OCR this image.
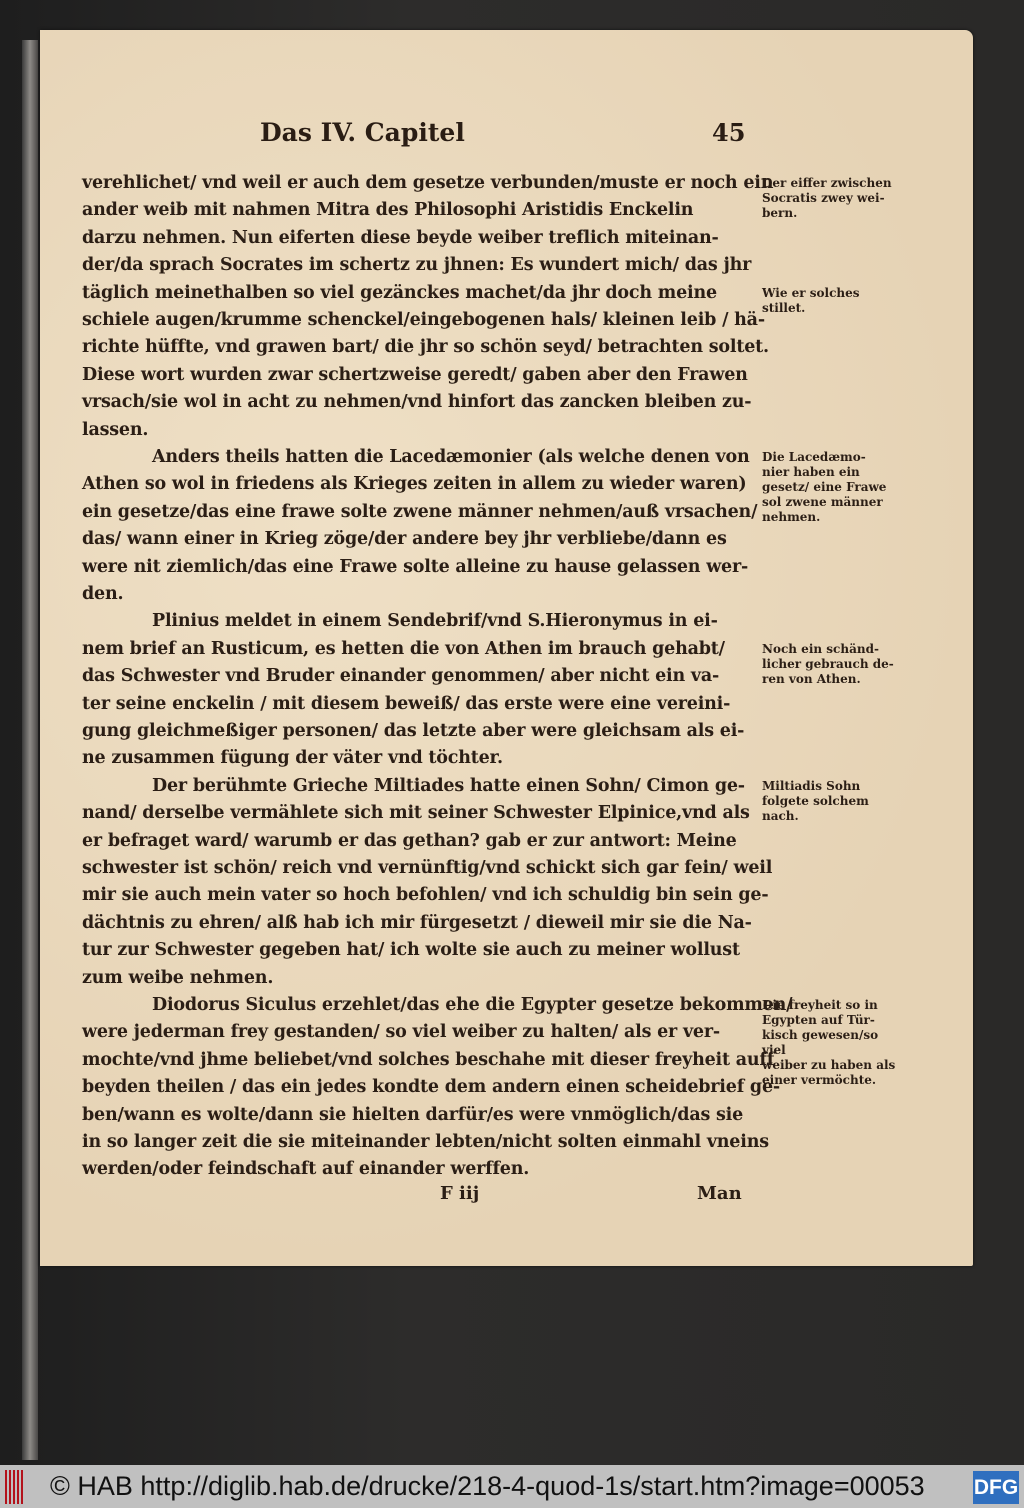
Das IV. Capitel	45
verehlichet/ vnd weil er auch dem gesetze verbunden/muste er noch ein
ander weib mit nahmen Mitra des Philosophi Aristidis Enckelin
darzu nehmen. Nun eiferten diese beyde weiber treflich miteinan-
der/da sprach Socrates im schertz zu jhnen: Es wundert mich/ das jhr
täglich meinethalben so viel gezänckes machet/da jhr doch meine
schiele augen/krumme schenckel/eingebogenen hals/ kleinen leib / hä-
richte hüffte, vnd grawen bart/ die jhr so schön seyd/ betrachten soltet.
Diese wort wurden zwar schertzweise geredt/ gaben aber den Frawen
vrsach/sie wol in acht zu nehmen/vnd hinfort das zancken bleiben zu-
lassen.
Anders theils hatten die Lacedæmonier (als welche denen von
Athen so wol in friedens als Krieges zeiten in allem zu wieder waren)
ein gesetze/das eine frawe solte zwene männer nehmen/auß vrsachen/
das/ wann einer in Krieg zöge/der andere bey jhr verbliebe/dann es
were nit ziemlich/das eine Frawe solte alleine zu hause gelassen wer-
den.
Plinius meldet in einem Sendebrif/vnd S.Hieronymus in ei-
nem brief an Rusticum, es hetten die von Athen im brauch gehabt/
das Schwester vnd Bruder einander genommen/ aber nicht ein va-
ter seine enckelin / mit diesem beweiß/ das erste were eine vereini-
gung gleichmeßiger personen/ das letzte aber were gleichsam als ei-
ne zusammen fügung der väter vnd töchter.
Der berühmte Grieche Miltiades hatte einen Sohn/ Cimon ge-
nand/ derselbe vermählete sich mit seiner Schwester Elpinice,vnd als
er befraget ward/ warumb er das gethan? gab er zur antwort: Meine
schwester ist schön/ reich vnd vernünftig/vnd schickt sich gar fein/ weil
mir sie auch mein vater so hoch befohlen/ vnd ich schuldig bin sein ge-
dächtnis zu ehren/ alß hab ich mir fürgesetzt / dieweil mir sie die Na-
tur zur Schwester gegeben hat/ ich wolte sie auch zu meiner wollust
zum weibe nehmen.
Diodorus Siculus erzehlet/das ehe die Egypter gesetze bekommen/
were jederman frey gestanden/ so viel weiber zu halten/ als er ver-
mochte/vnd jhme beliebet/vnd solches beschahe mit dieser freyheit auff
beyden theilen / das ein jedes kondte dem andern einen scheidebrief ge-
ben/wann es wolte/dann sie hielten darfür/es were vnmöglich/das sie
in so langer zeit die sie miteinander lebten/nicht solten einmahl vneins
werden/oder feindschaft auf einander werffen.
Der eiffer zwischen
Socratis zwey wei-
bern.
Wie er solches
stillet.
Die Lacedæmo-
nier haben ein
gesetz/ eine Frawe
sol zwene männer
nehmen.
Noch ein schänd-
licher gebrauch de-
ren von Athen.
Miltiadis Sohn
folgete solchem
nach.
Die freyheit so in
Egypten auf Tür-
kisch gewesen/so viel
weiber zu haben als
einer vermöchte.
F iij	Man
© HAB http://diglib.hab.de/drucke/218-4-quod-1s/start.htm?image=00053 DFG
